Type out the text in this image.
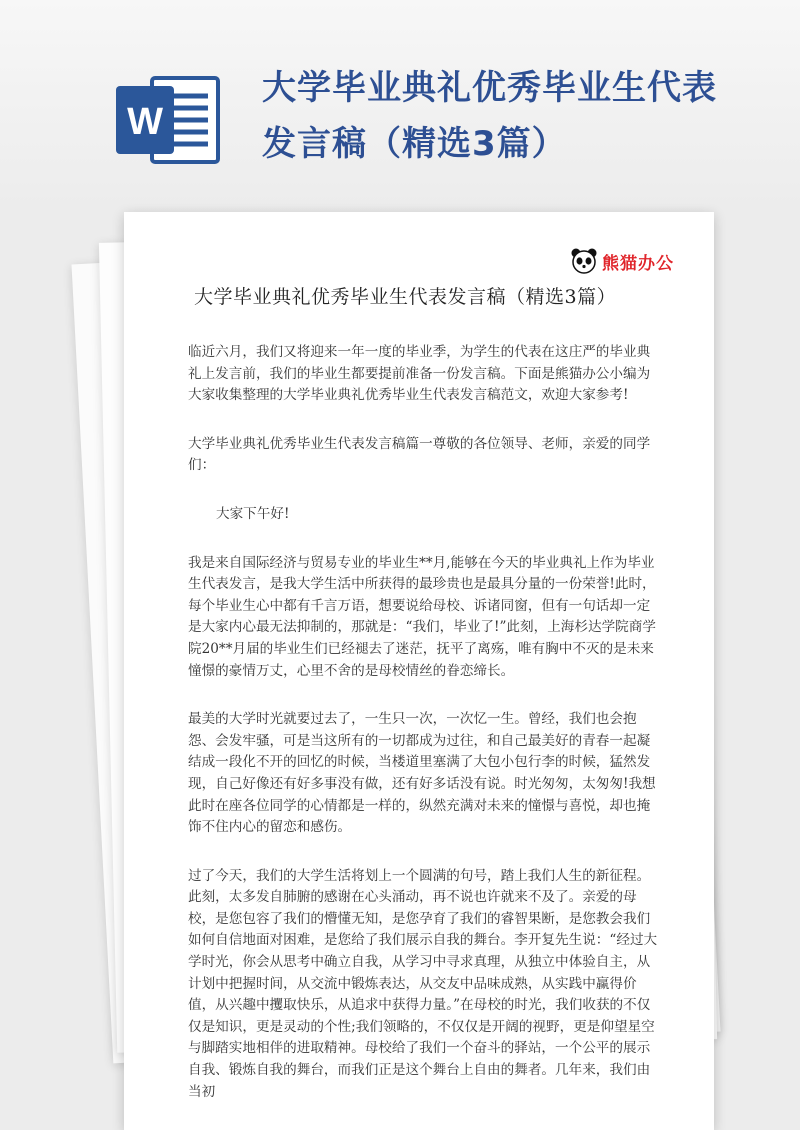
W
大学毕业典礼优秀毕业生代表
发言稿（精选3篇）
熊猫办公
大学毕业典礼优秀毕业生代表发言稿（精选3篇）

临近六月，我们又将迎来一年一度的毕业季，为学生的代表在这庄严的毕业典礼上发言前，我们的毕业生都要提前准备一份发言稿。下面是熊猫办公小编为大家收集整理的大学毕业典礼优秀毕业生代表发言稿范文，欢迎大家参考!

大学毕业典礼优秀毕业生代表发言稿篇一尊敬的各位领导、老师，亲爱的同学们：

大家下午好!

我是来自国际经济与贸易专业的毕业生**月,能够在今天的毕业典礼上作为毕业生代表发言，是我大学生活中所获得的最珍贵也是最具分量的一份荣誉!此时，每个毕业生心中都有千言万语，想要说给母校、诉诸同窗，但有一句话却一定是大家内心最无法抑制的，那就是：“我们，毕业了!”此刻，上海杉达学院商学院20**月届的毕业生们已经褪去了迷茫，抚平了离殇，唯有胸中不灭的是未来憧憬的豪情万丈，心里不舍的是母校情丝的眷恋缔长。

最美的大学时光就要过去了，一生只一次，一次忆一生。曾经，我们也会抱怨、会发牢骚，可是当这所有的一切都成为过往，和自己最美好的青春一起凝结成一段化不开的回忆的时候，当楼道里塞满了大包小包行李的时候，猛然发现，自己好像还有好多事没有做，还有好多话没有说。时光匆匆，太匆匆!我想此时在座各位同学的心情都是一样的，纵然充满对未来的憧憬与喜悦，却也掩饰不住内心的留恋和感伤。

过了今天，我们的大学生活将划上一个圆满的句号，踏上我们人生的新征程。此刻，太多发自肺腑的感谢在心头涌动，再不说也许就来不及了。亲爱的母校，是您包容了我们的懵懂无知，是您孕育了我们的睿智果断，是您教会我们如何自信地面对困难，是您给了我们展示自我的舞台。李开复先生说：“经过大学时光，你会从思考中确立自我，从学习中寻求真理，从独立中体验自主，从计划中把握时间，从交流中锻炼表达，从交友中品味成熟，从实践中赢得价值，从兴趣中攫取快乐，从追求中获得力量。”在母校的时光，我们收获的不仅仅是知识，更是灵动的个性;我们领略的，不仅仅是开阔的视野，更是仰望星空与脚踏实地相伴的进取精神。母校给了我们一个奋斗的驿站，一个公平的展示自我、锻炼自我的舞台，而我们正是这个舞台上自由的舞者。几年来，我们由当初
